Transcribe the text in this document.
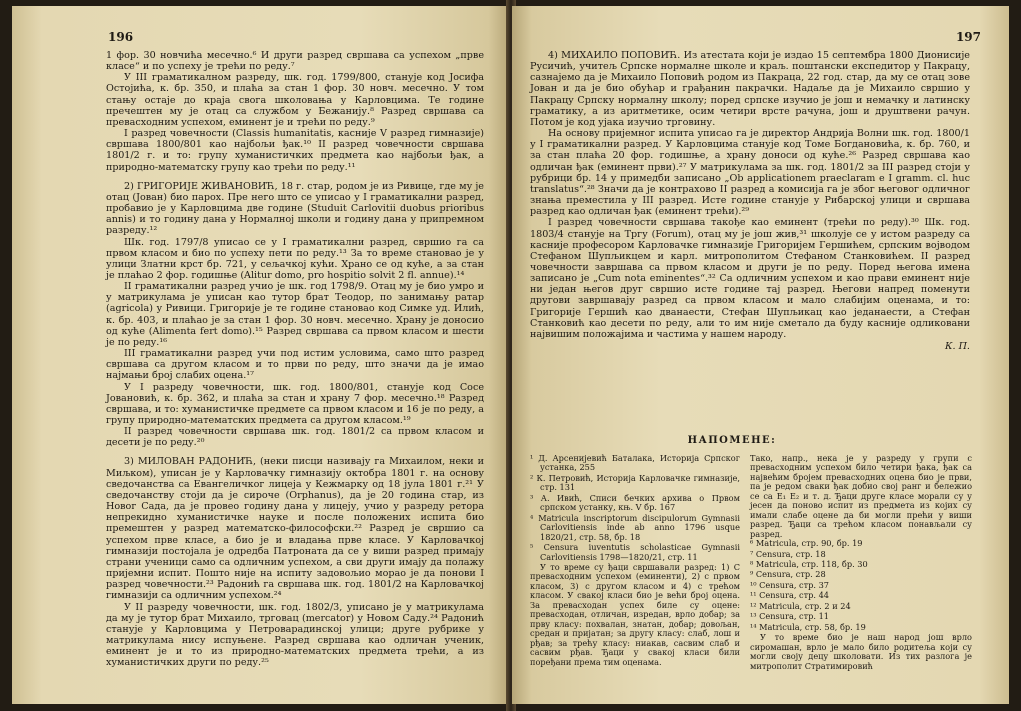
196

1 фор. 30 новчића месечно.⁶ И други разред свршава са успехом „прве класе“ и по успеху је трећи по реду.⁷

У III граматикалном разреду, шк. год. 1799/800, станује код Јосифа Остојића, к. бр. 350, и плаћа за стан 1 фор. 30 новч. месечно. У том стању остаје до краја свога школовања у Карловцима. Те године пречештен му је отац са службом у Бежанију.⁸ Разред свршава са превасходним успехом, еминент је и трећи по реду.⁹

I разред човечности (Classis humanitatis, касније V разред гимназије) свршава 1800/801 као најбољи ђак.¹⁰ II разред човечности свршава 1801/2 г. и то: групу хуманистичких предмета као најбољи ђак, а природно-математску групу као трећи по реду.¹¹

2) ГРИГОРИЈЕ ЖИВАНОВИЋ, 18 г. стар, родом је из Ривице, где му је отац (Јован) био парох. Пре него што се уписао у I граматикални разред, пробавио је у Карловцима две године (Studuit Carlovitii duobus prioribus annis) и то годину дана у Нормалној школи и годину дана у припремном разреду.¹²

Шк. год. 1797/8 уписао се у I граматикални разред, свршио га са првом класом и био по успеху пети по реду.¹³ За то време становао је у улици Златни крст бр. 721, у сељачкој кући. Храно се од куће, а за стан је плаћао 2 фор. годишње (Alitur domo, pro hospitio solvit 2 fl. annue).¹⁴

II граматикални разред учио је шк. год 1798/9. Отац му је био умро и у матрикулама је уписан као тутор брат Теодор, по занимању ратар (agricola) у Ривици. Григорије је те године становао код Симке уд. Илић, к. бр. 403, и плаћао је за стан 1 фор. 30 новч. месечно. Храну је доносио од куће (Alimenta fert domo).¹⁵ Разред свршава са првом класом и шести је по реду.¹⁶

III граматикални разред учи под истим условима, само што разред свршава са другом класом и то први по реду, што значи да је имао најмањи број слабих оцена.¹⁷

У I разреду човечности, шк. год. 1800/801, станује код Сосе Јовановић, к. бр. 362, и плаћа за стан и храну 7 фор. месечно.¹⁸ Разред свршава, и то: хуманистичке предмете са првом класом и 16 је по реду, а групу природно-математских предмета са другом класом.¹⁹

II разред човечности свршава шк. год. 1801/2 са првом класом и десети је по реду.²⁰

3) МИЛОВАН РАДОНИЋ, (неки писци називају га Михаилом, неки и Миљком), уписан је у Карловачку гимназију октобра 1801 г. на основу сведочанства са Евангеличког лицеја у Кежмарку од 18 јула 1801 г.²¹ У сведочанству стоји да је сироче (Orphanus), да је 20 година стар, из Новог Сада, да је провео годину дана у лицеју, учио у разреду ретора непрекидно хуманистичке науке и после положених испита био премештен у разред математско-философски.²² Разред је свршио са успехом прве класе, а био је и владања прве класе. У Карловачкој гимназији постојала је одредба Патроната да се у виши разред примају страни ученици само са одличним успехом, а сви други имају да полажу пријемни испит. Пошто није на испиту задовољио морао је да понови I разред човечности.²³ Радонић га свршава шк. год. 1801/2 на Карловачкој гимназији са одличним успехом.²⁴

У II разреду човечности, шк. год. 1802/3, уписано је у матрикулама да му је тутор брат Михаило, трговац (mercator) у Новом Саду.²⁴ Радонић станује у Карловцима у Петроварадинској улици; друге рубрике у матрикулама нису испуњене. Разред свршава као одличан ученик, еминент је и то из природно-математских предмета трећи, а из хуманистичких други по реду.²⁵

197

4) МИХАИЛО ПОПОВИЋ. Из атестата који је издао 15 септембра 1800 Дионисије Русичић, учитељ Српске нормалне школе и краљ. поштански експедитор у Пакрацу, сазнајемо да је Михаило Поповић родом из Пакраца, 22 год. стар, да му се отац зове Јован и да је био обућар и грађанин пакрачки. Надаље да је Михаило свршио у Пакрацу Српску нормалну школу; поред српске изучио је још и немачку и латинску граматику, а из аритметике, осим четири врсте рачуна, још и друштвени рачун. Потом је код ујака изучио трговину.

На основу пријемног испита уписао га је директор Андрија Волни шк. год. 1800/1 у I граматикални разред. У Карловцима станује код Томе Богдановића, к. бр. 760, и за стан плаћа 20 фор. годишње, а храну доноси од куће.²⁶ Разред свршава као одличан ђак (еминент први).²⁷ У матрикулама за шк. год. 1801/2 за III разред стоји у рубрици бр. 14 у примедби записано „Ob applicationem praeclaram e I gramm. cl. huc translatus“.²⁸ Значи да је контрахово II разред а комисија га је због његовог одличног знања преместила у III разред. Исте године станује у Рибарској улици и свршава разред као одличан ђак (еминент трећи).²⁹

I разред човечности свршава такође као еминент (трећи по реду).³⁰ Шк. год. 1803/4 станује на Тргу (Forum), отац му је још жив,³¹ школује се у истом разреду са касније професором Карловачке гимназије Григоријем Гершићем, српским војводом Стефаном Шупљикцем и карл. митрополитом Стефаном Станковићем. II разред човечности завршава са првом класом и други је по реду. Поред његова имена записано је „Cum nota eminentes“.³² Са одличним успехом и као прави еминент није ни један његов друг свршио исте године тај разред. Његови напред поменути другови завршавају разред са првом класом и мало слабијим оценама, и то: Григорије Гершић као дванаести, Стефан Шупљикац као једанаести, а Стефан Станковић као десети по реду, али то им није сметало да буду касније одликовани највишим положајима и частима у нашем народу.

К. П.

НАПОМЕНЕ:

¹ Д. Арсенијевић Баталака, Историја Српског устанка, 255

² К. Петровић, Историја Карловачке гимназије, стр. 131

³ А. Ивић, Списи бечких архива о Првом српском устанку, књ. V бр. 167

⁴ Matricula inscriptorum discipulorum Gymnasii Carlovitiensis inde ab anno 1796 usque 1820/21, стр. 58, бр. 18

⁵ Censura iuventutis scholasticae Gymnasii Carlovitiensis 1798—1820/21, стр. 11

У то време су ђаци свршавали разред: 1) С превасходним успехом (еминенти), 2) с првом класом, 3) с другом класом и 4) с трећом класом. У свакој класи био је већи број оцена. За превасходан успех биле су оцене: превасходан, отличан, изредан, врло добар; за прву класу: похвалан, знатан, добар; довољан, средан и пријатан; за другу класу: слаб, лош и рђав; за трећу класу: ниакав, сасвим слаб и сасвим рђав. Ђаци у свакој класи били поређани према тим оценама.

Тако, напр., нека је у разреду у групи с превасходним успехом било четири ђака, ђак са највећим бројем превасходних оцена био је први, па је редом сваки ђак добио свој ранг и бележио се са E₁ E₂ и т. д. Ђаци друге класе морали су у јесен да поново испит из предмета из којих су имали слабе оцене да би могли прећи у виши разред. Ђаци са трећом класом понављали су разред.

⁶ Matricula, стр. 90, бр. 19

⁷ Censura, стр. 18

⁸ Matricula, стр. 118, бр. 30

⁹ Censura, стр. 28

¹⁰ Censura, стр. 37

¹¹ Censura, стр. 44

¹² Matricula, стр. 2 и 24

¹³ Censura, стр. 11

¹⁴ Matricula, стр. 58, бр. 19

У то време био је наш народ још врло сиромашан, врло је мало било родитеља који су могли своју децу школовати. Из тих разлога је митрополит Стратимировић
